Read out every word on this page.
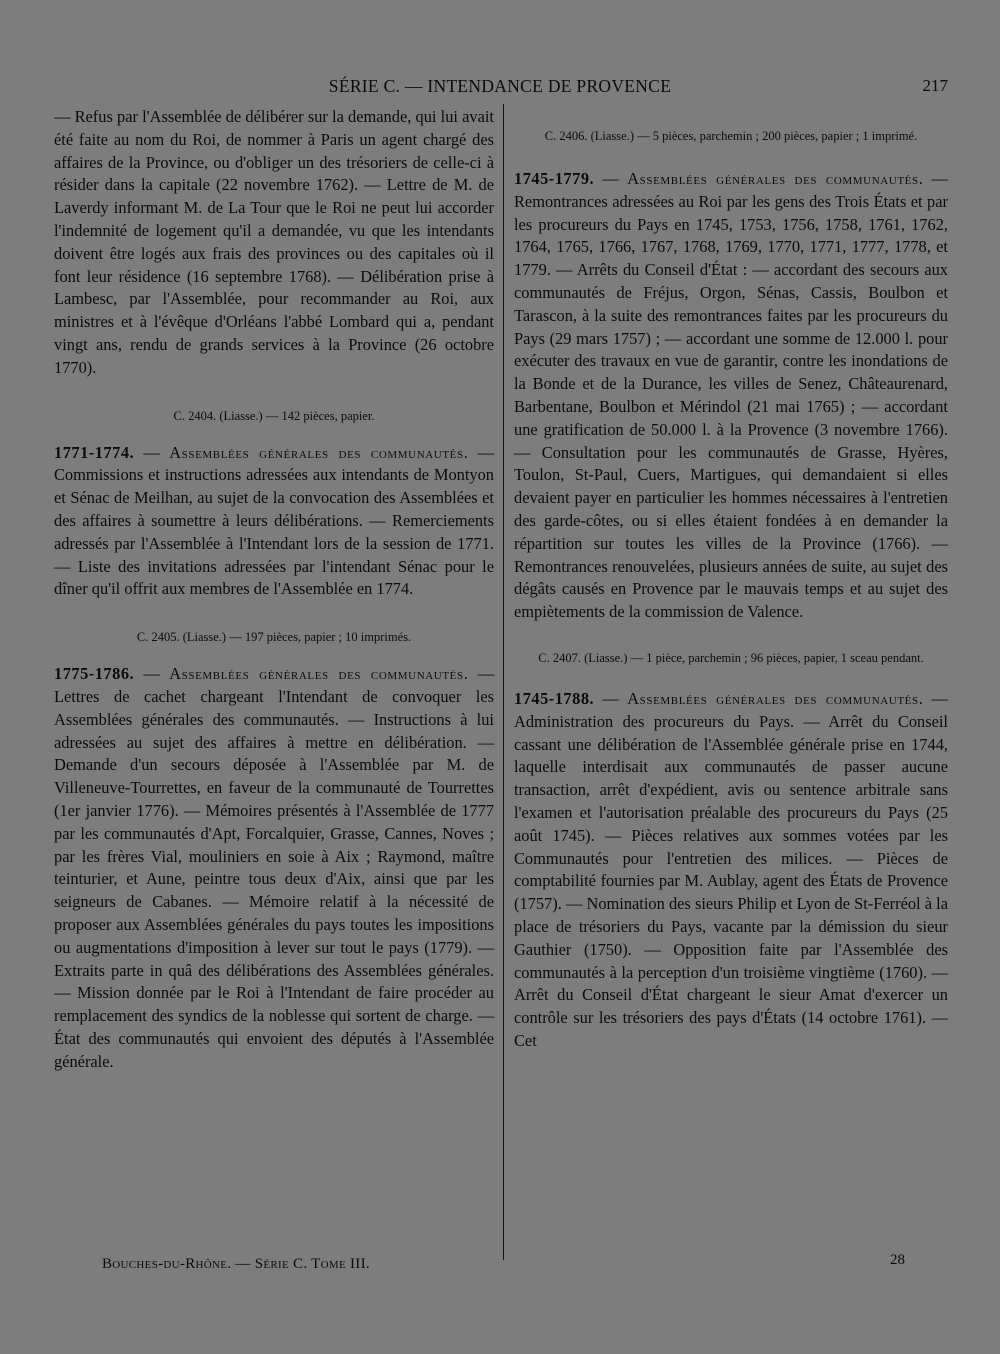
SÉRIE C. — INTENDANCE DE PROVENCE	217

— Refus par l'Assemblée de délibérer sur la demande, qui lui avait été faite au nom du Roi, de nommer à Paris un agent chargé des affaires de la Province, ou d'obliger un des trésoriers de celle-ci à résider dans la capitale (22 novembre 1762). — Lettre de M. de Laverdy informant M. de La Tour que le Roi ne peut lui accorder l'indemnité de logement qu'il a demandée, vu que les intendants doivent être logés aux frais des provinces ou des capitales où il font leur résidence (16 septembre 1768). — Délibération prise à Lambesc, par l'Assemblée, pour recommander au Roi, aux ministres et à l'évêque d'Orléans l'abbé Lombard qui a, pendant vingt ans, rendu de grands services à la Province (26 octobre 1770).

C. 2404. (Liasse.) — 142 pièces, papier.

1771-1774. — Assemblées générales des communautés. — Commissions et instructions adressées aux intendants de Montyon et Sénac de Meilhan, au sujet de la convocation des Assemblées et des affaires à soumettre à leurs délibérations. — Remerciements adressés par l'Assemblée à l'Intendant lors de la session de 1771. — Liste des invitations adressées par l'intendant Sénac pour le dîner qu'il offrit aux membres de l'Assemblée en 1774.

C. 2405. (Liasse.) — 197 pièces, papier ; 10 imprimés.

1775-1786. — Assemblées générales des communautés. — Lettres de cachet chargeant l'Intendant de convoquer les Assemblées générales des communautés. — Instructions à lui adressées au sujet des affaires à mettre en délibération. — Demande d'un secours déposée à l'Assemblée par M. de Villeneuve-Tourrettes, en faveur de la communauté de Tourrettes (1er janvier 1776). — Mémoires présentés à l'Assemblée de 1777 par les communautés d'Apt, Forcalquier, Grasse, Cannes, Noves ; par les frères Vial, mouliniers en soie à Aix ; Raymond, maître teinturier, et Aune, peintre tous deux d'Aix, ainsi que par les seigneurs de Cabanes. — Mémoire relatif à la nécessité de proposer aux Assemblées générales du pays toutes les impositions ou augmentations d'imposition à lever sur tout le pays (1779). — Extraits parte in quâ des délibérations des Assemblées générales. — Mission donnée par le Roi à l'Intendant de faire procéder au remplacement des syndics de la noblesse qui sortent de charge. — État des communautés qui envoient des députés à l'Assemblée générale.

C. 2406. (Liasse.) — 5 pièces, parchemin ; 200 pièces, papier ; 1 imprimé.

1745-1779. — Assemblées générales des communautés. — Remontrances adressées au Roi par les gens des Trois États et par les procureurs du Pays en 1745, 1753, 1756, 1758, 1761, 1762, 1764, 1765, 1766, 1767, 1768, 1769, 1770, 1771, 1777, 1778, et 1779. — Arrêts du Conseil d'État : — accordant des secours aux communautés de Fréjus, Orgon, Sénas, Cassis, Boulbon et Tarascon, à la suite des remontrances faites par les procureurs du Pays (29 mars 1757) ; — accordant une somme de 12.000 l. pour exécuter des travaux en vue de garantir, contre les inondations de la Bonde et de la Durance, les villes de Senez, Châteaurenard, Barbentane, Boulbon et Mérindol (21 mai 1765) ; — accordant une gratification de 50.000 l. à la Provence (3 novembre 1766). — Consultation pour les communautés de Grasse, Hyères, Toulon, St-Paul, Cuers, Martigues, qui demandaient si elles devaient payer en particulier les hommes nécessaires à l'entretien des garde-côtes, ou si elles étaient fondées à en demander la répartition sur toutes les villes de la Province (1766). — Remontrances renouvelées, plusieurs années de suite, au sujet des dégâts causés en Provence par le mauvais temps et au sujet des empiètements de la commission de Valence.

C. 2407. (Liasse.) — 1 pièce, parchemin ; 96 pièces, papier, 1 sceau pendant.

1745-1788. — Assemblées générales des communautés. — Administration des procureurs du Pays. — Arrêt du Conseil cassant une délibération de l'Assemblée générale prise en 1744, laquelle interdisait aux communautés de passer aucune transaction, arrêt d'expédient, avis ou sentence arbitrale sans l'examen et l'autorisation préalable des procureurs du Pays (25 août 1745). — Pièces relatives aux sommes votées par les Communautés pour l'entretien des milices. — Pièces de comptabilité fournies par M. Aublay, agent des États de Provence (1757). — Nomination des sieurs Philip et Lyon de St-Ferréol à la place de trésoriers du Pays, vacante par la démission du sieur Gauthier (1750). — Opposition faite par l'Assemblée des communautés à la perception d'un troisième vingtième (1760). — Arrêt du Conseil d'État chargeant le sieur Amat d'exercer un contrôle sur les trésoriers des pays d'États (14 octobre 1761). — Cet

Bouches-du-Rhône. — Série C. Tome III.	28
